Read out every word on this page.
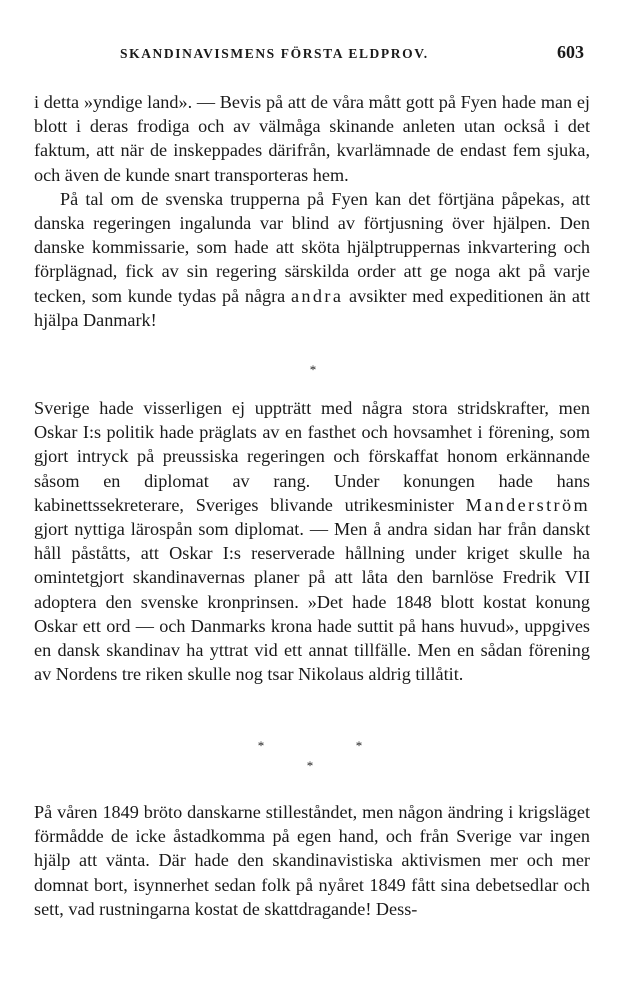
SKANDINAVISMENS FÖRSTA ELDPROV.	603

i detta »yndige land». — Bevis på att de våra mått gott på Fyen hade man ej blott i deras frodiga och av välmåga skinande anleten utan också i det faktum, att när de inskeppades därifrån, kvarlämnade de endast fem sjuka, och även de kunde snart transporteras hem.

På tal om de svenska trupperna på Fyen kan det förtjäna påpekas, att danska regeringen ingalunda var blind av förtjusning över hjälpen. Den danske kommissarie, som hade att sköta hjälptruppernas inkvartering och förplägnad, fick av sin regering särskilda order att ge noga akt på varje tecken, som kunde tydas på några andra avsikter med expeditionen än att hjälpa Danmark!

*

Sverige hade visserligen ej uppträtt med några stora stridskrafter, men Oskar I:s politik hade präglats av en fasthet och hovsamhet i förening, som gjort intryck på preussiska regeringen och förskaffat honom erkännande såsom en diplomat av rang. Under konungen hade hans kabinettssekreterare, Sveriges blivande utrikesminister Manderström gjort nyttiga lärospån som diplomat. — Men å andra sidan har från danskt håll påståtts, att Oskar I:s reserverade hållning under kriget skulle ha omintetgjort skandinavernas planer på att låta den barnlöse Fredrik VII adoptera den svenske kronprinsen. »Det hade 1848 blott kostat konung Oskar ett ord — och Danmarks krona hade suttit på hans huvud», uppgives en dansk skandinav ha yttrat vid ett annat tillfälle. Men en sådan förening av Nordens tre riken skulle nog tsar Nikolaus aldrig tillåtit.

*	*
*

På våren 1849 bröto danskarne stilleståndet, men någon ändring i krigsläget förmådde de icke åstadkomma på egen hand, och från Sverige var ingen hjälp att vänta. Där hade den skandinavistiska aktivismen mer och mer domnat bort, isynnerhet sedan folk på nyåret 1849 fått sina debetsedlar och sett, vad rustningarna kostat de skattdragande! Dess-
